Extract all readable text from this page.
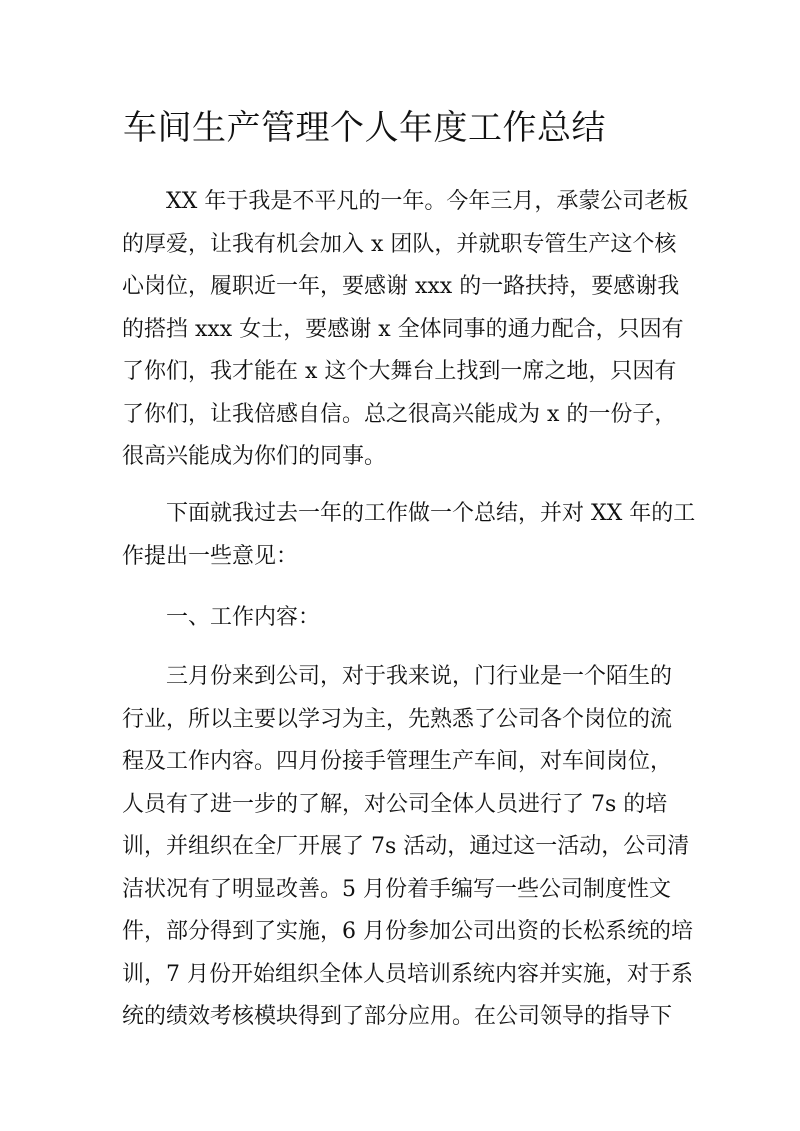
车间生产管理个人年度工作总结

XX 年于我是不平凡的一年。今年三月，承蒙公司老板
的厚爱，让我有机会加入 x 团队，并就职专管生产这个核
心岗位，履职近一年，要感谢 xxx 的一路扶持，要感谢我
的搭挡 xxx 女士，要感谢 x 全体同事的通力配合，只因有
了你们，我才能在 x 这个大舞台上找到一席之地，只因有
了你们，让我倍感自信。总之很高兴能成为 x 的一份子，
很高兴能成为你们的同事。

下面就我过去一年的工作做一个总结，并对 XX 年的工
作提出一些意见：

一、工作内容：

三月份来到公司，对于我来说，门行业是一个陌生的
行业，所以主要以学习为主，先熟悉了公司各个岗位的流
程及工作内容。四月份接手管理生产车间，对车间岗位，
人员有了进一步的了解，对公司全体人员进行了 7s 的培
训，并组织在全厂开展了 7s 活动，通过这一活动，公司清
洁状况有了明显改善。5 月份着手编写一些公司制度性文
件，部分得到了实施，6 月份参加公司出资的长松系统的培
训，7 月份开始组织全体人员培训系统内容并实施，对于系
统的绩效考核模块得到了部分应用。在公司领导的指导下
